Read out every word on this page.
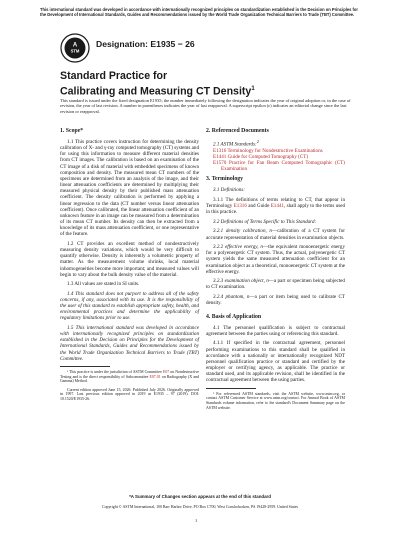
This international standard was developed in accordance with internationally recognized principles on standardization established in the Decision on Principles for the Development of International Standards, Guides and Recommendations issued by the World Trade Organization Technical Barriers to Trade (TBT) Committee.
A
STM
Designation: E1935 − 26
Standard Practice for
Calibrating and Measuring CT Density$^1$
This standard is issued under the fixed designation E1935; the number immediately following the designation indicates the year of original adoption or, in the case of revision, the year of last revision. A number in parentheses indicates the year of last reapproval. A superscript epsilon (ε) indicates an editorial change since the last revision or reapproval.
1. Scope*

1.1 This practice covers instruction for determining the density calibration of X- and γ-ray computed tomography (CT) systems and for using this information to measure different material densities from CT images. The calibration is based on an examination of the CT image of a disk of material with embedded specimens of known composition and density. The measured mean CT numbers of the specimens are determined from an analysis of the image, and their linear attenuation coefficients are determined by multiplying their measured physical density by their published mass attenuation coefficient. The density calibration is performed by applying a linear regression to the data (CT number versus linear attenuation coefficient). Once calibrated, the linear attenuation coefficient of an unknown feature in an image can be measured from a determination of its mean CT number. Its density can then be extracted from a knowledge of its mass attenuation coefficient, or one representative of the feature.

1.2 CT provides an excellent method of nondestructively measuring density variations, which would be very difficult to quantify otherwise. Density is inherently a volumetric property of matter. As the measurement volume shrinks, local material inhomogeneities become more important; and measured values will begin to vary about the bulk density value of the material.

1.3 All values are stated in SI units.

1.4 This standard does not purport to address all of the safety concerns, if any, associated with its use. It is the responsibility of the user of this standard to establish appropriate safety, health, and environmental practices and determine the applicability of regulatory limitations prior to use.

1.5 This international standard was developed in accordance with internationally recognized principles on standardization established in the Decision on Principles for the Development of International Standards, Guides and Recommendations issued by the World Trade Organization Technical Barriers to Trade (TBT) Committee.

¹ This practice is under the jurisdiction of ASTM Committee E07 on Nondestructive Testing and is the direct responsibility of Subcommittee E07.01 on Radiography (X and Gamma) Method.

Current edition approved June 15, 2026. Published July 2026. Originally approved in 1997. Last previous edition approved in 2019 as E1935 – 97 (2019). DOI: 10.1520/E1935-26.

2. Referenced Documents

2.1 ASTM Standards:$^2$

E1316 Terminology for Nondestructive Examinations

E1441 Guide for Computed Tomography (CT)

E1570 Practice for Fan Beam Computed Tomographic (CT) Examination

3. Terminology

3.1 Definitions:

3.1.1 The definitions of terms relating to CT, that appear in Terminology E1316 and Guide E1441, shall apply to the terms used in this practice.

3.2 Definitions of Terms Specific to This Standard:

3.2.1 density calibration, n—calibration of a CT system for accurate representation of material densities in examination objects.

3.2.2 effective energy, n—the equivalent monoenergetic energy for a polyenergetic CT system. Thus, the actual, polyenergetic CT system yields the same measured attenuation coefficient for an examination object as a theoretical, monoenergetic CT system at the effective energy.

3.2.3 examination object, n—a part or specimen being subjected to CT examination.

3.2.4 phantom, n—a part or item being used to calibrate CT density.

4. Basis of Application

4.1 The personnel qualification is subject to contractual agreement between the parties using or referencing this standard.

4.1.1 If specified in the contractual agreement, personnel performing examinations to this standard shall be qualified in accordance with a nationally or internationally recognized NDT personnel qualification practice or standard and certified by the employer or certifying agency, as applicable. The practice or standard used, and its applicable revision, shall be identified in the contractual agreement between the using parties.

² For referenced ASTM standards, visit the ASTM website, www.astm.org, or contact ASTM Customer Service at www.astm.org/contact. For Annual Book of ASTM Standards volume information, refer to the standard's Document Summary page on the ASTM website.

*A Summary of Changes section appears at the end of this standard
Copyright © ASTM International, 100 Barr Harbor Drive, PO Box C700, West Conshohocken, PA 19428-2959. United States
1
